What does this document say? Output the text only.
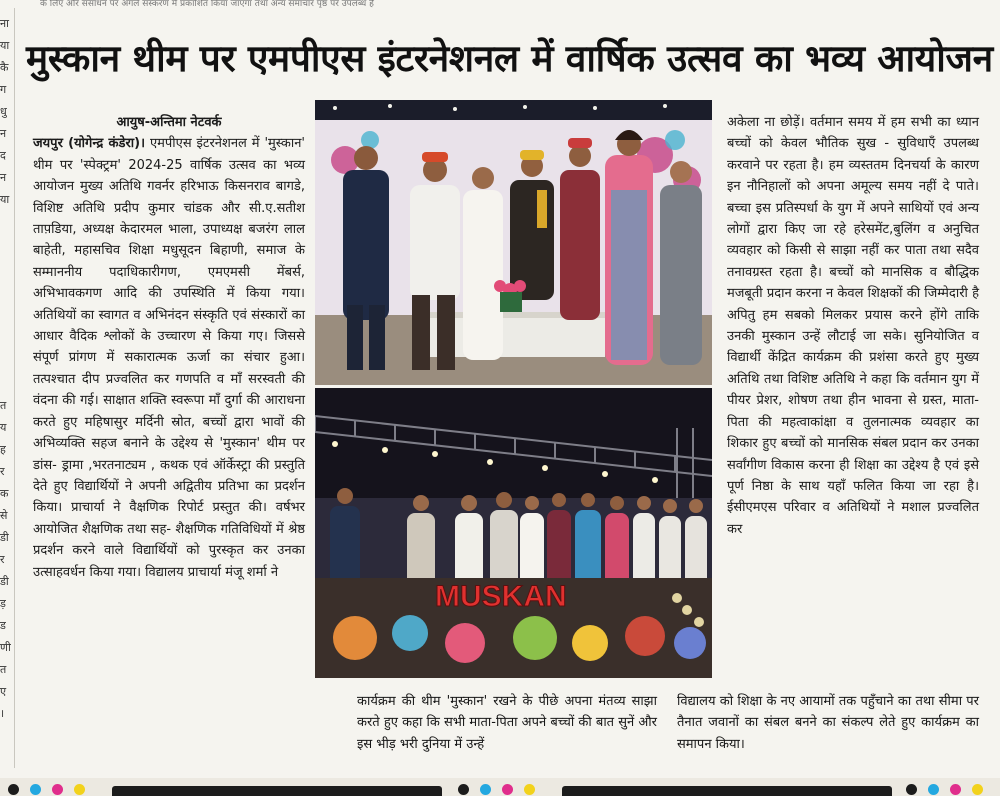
के लिए और संसाधन पर अगले संस्करण में प्रकाशित किया जाएगा तथा अन्य समाचार पृष्ठ पर उपलब्ध हैं
ना
या
कै
ग
धु
न
द
न
या
त
य
ह
र
क
से
डी
र
डी
ड़
ड
णी
त
ए
।
मुस्कान थीम पर एमपीएस इंटरनेशनल में वार्षिक उत्सव का भव्य आयोजन
आयुष-अन्तिमा नेटवर्क
जयपुर (योगेन्द्र कंडेरा)। एमपीएस इंटरनेशनल में 'मुस्कान' थीम पर 'स्पेक्ट्रम' 2024-25 वार्षिक उत्सव का भव्य आयोजन मुख्य अतिथि गवर्नर हरिभाऊ किसनराव बागडे, विशिष्ट अतिथि प्रदीप कुमार चांडक और सी.ए.सतीश ताप़डिया, अध्यक्ष केदारमल भाला, उपाध्यक्ष बजरंग लाल बाहेती, महासचिव शिक्षा मधुसूदन बिहाणी, समाज के सम्माननीय पदाधिकारीगण, एमएमसी मेंबर्स, अभिभावकगण आदि की उपस्थिति में किया गया। अतिथियों का स्वागत व अभिनंदन संस्कृति एवं संस्कारों का आधार वैदिक श्लोकों के उच्चारण से किया गए। जिससे संपूर्ण प्रांगण में सकारात्मक ऊर्जा का संचार हुआ। तत्पश्चात दीप प्रज्वलित कर गणपति व माँ सरस्वती की वंदना की गई। साक्षात शक्ति स्वरूपा माँ दुर्गा की आराधना करते हुए महिषासुर मर्दिनी स्रोत, बच्चों द्वारा भावों की अभिव्यक्ति सहज बनाने के उद्देश्य से 'मुस्कान' थीम पर डांस- ड्रामा ,भरतनाट्यम , कथक एवं ऑर्केस्ट्रा की प्रस्तुति देते हुए विद्यार्थियों ने अपनी अद्वितीय प्रतिभा का प्रदर्शन किया। प्राचार्या ने वैक्षणिक रिपोर्ट प्रस्तुत की। वर्षभर आयोजित शैक्षणिक तथा सह- शैक्षणिक गतिविधियों में श्रेष्ठ प्रदर्शन करने वाले विद्यार्थियों को पुरस्कृत कर उनका उत्साहवर्धन किया गया। विद्यालय प्राचार्या मंजू शर्मा ने
MUSKAN
अकेला ना छोड़ें। वर्तमान समय में हम सभी का ध्यान बच्चों को केवल भौतिक सुख - सुविधाएँ उपलब्ध करवाने पर रहता है। हम व्यस्ततम दिनचर्या के कारण इन नौनिहालों को अपना अमूल्य समय नहीं दे पाते। बच्चा इस प्रतिस्पर्धा के युग में अपने साथियों एवं अन्य लोगों द्वारा किए जा रहे हरेसमेंट,बुलिंग व अनुचित व्यवहार को किसी से साझा नहीं कर पाता तथा सदैव तनावग्रस्त रहता है। बच्चों को मानसिक व बौद्धिक मजबूती प्रदान करना न केवल शिक्षकों की जिम्मेदारी है अपितु हम सबको मिलकर प्रयास करने होंगे ताकि उनकी मुस्कान उन्हें लौटाई जा सके। सुनियोजित व विद्यार्थी केंद्रित कार्यक्रम की प्रशंसा करते हुए मुख्य अतिथि तथा विशिष्ट अतिथि ने कहा कि वर्तमान युग में पीयर प्रेशर, शोषण तथा हीन भावना से ग्रस्त, माता-पिता की महत्वाकांक्षा व तुलनात्मक व्यवहार का शिकार हुए बच्चों को मानसिक संबल प्रदान कर उनका सर्वांगीण विकास करना ही शिक्षा का उद्देश्य है एवं इसे पूर्ण निष्ठा के साथ यहाँ फलित किया जा रहा है। ईसीएमएस परिवार व अतिथियों ने मशाल प्रज्वलित कर
कार्यक्रम की थीम 'मुस्कान' रखने के पीछे अपना मंतव्य साझा करते हुए कहा कि सभी माता-पिता अपने बच्चों की बात सुनें और इस भीड़ भरी दुनिया में उन्हें
विद्यालय को शिक्षा के नए आयामों तक पहुँचाने का तथा सीमा पर तैनात जवानों का संबल बनने का संकल्प लेते हुए कार्यक्रम का समापन किया।
